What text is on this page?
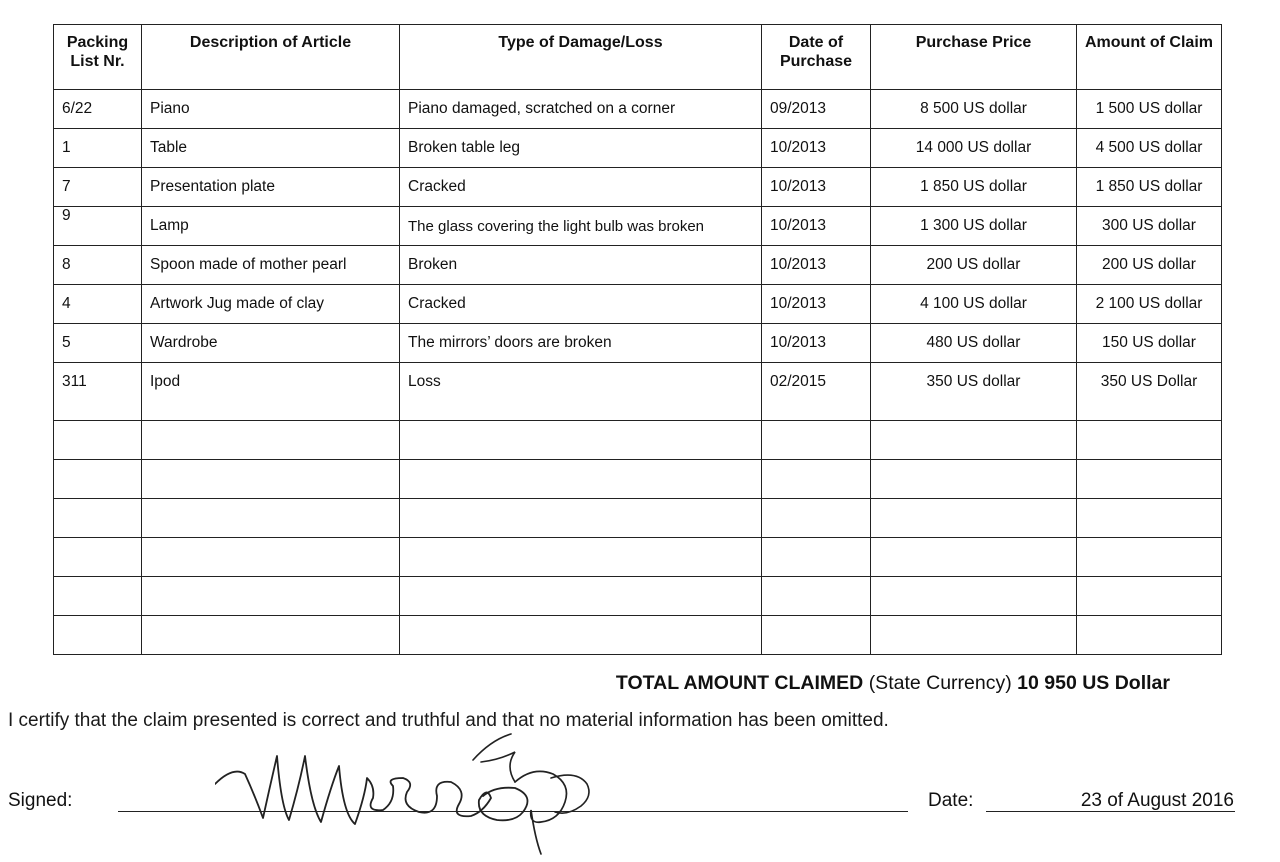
Packing List Nr.	Description of Article	Type of Damage/Loss	Date of Purchase	Purchase Price	Amount of Claim
6/22	Piano	Piano damaged, scratched on a corner	09/2013	8 500 US dollar	1 500 US dollar
1	Table	Broken table leg	10/2013	14 000 US dollar	4 500 US dollar
7	Presentation plate	Cracked	10/2013	1 850 US dollar	1 850 US dollar
9	Lamp	The glass covering the light bulb was broken	10/2013	1 300 US dollar	300 US dollar
8	Spoon made of mother pearl	Broken	10/2013	200 US dollar	200 US dollar
4	Artwork Jug made of clay	Cracked	10/2013	4 100 US dollar	2 100 US dollar
5	Wardrobe	The mirrors’ doors are broken	10/2013	480 US dollar	150 US dollar
311	Ipod	Loss	02/2015	350 US dollar	350 US Dollar

TOTAL AMOUNT CLAIMED (State Currency) 10 950 US Dollar
I certify that the claim presented is correct and truthful and that no material information has been omitted.
Signed:	Date:	23 of August 2016
